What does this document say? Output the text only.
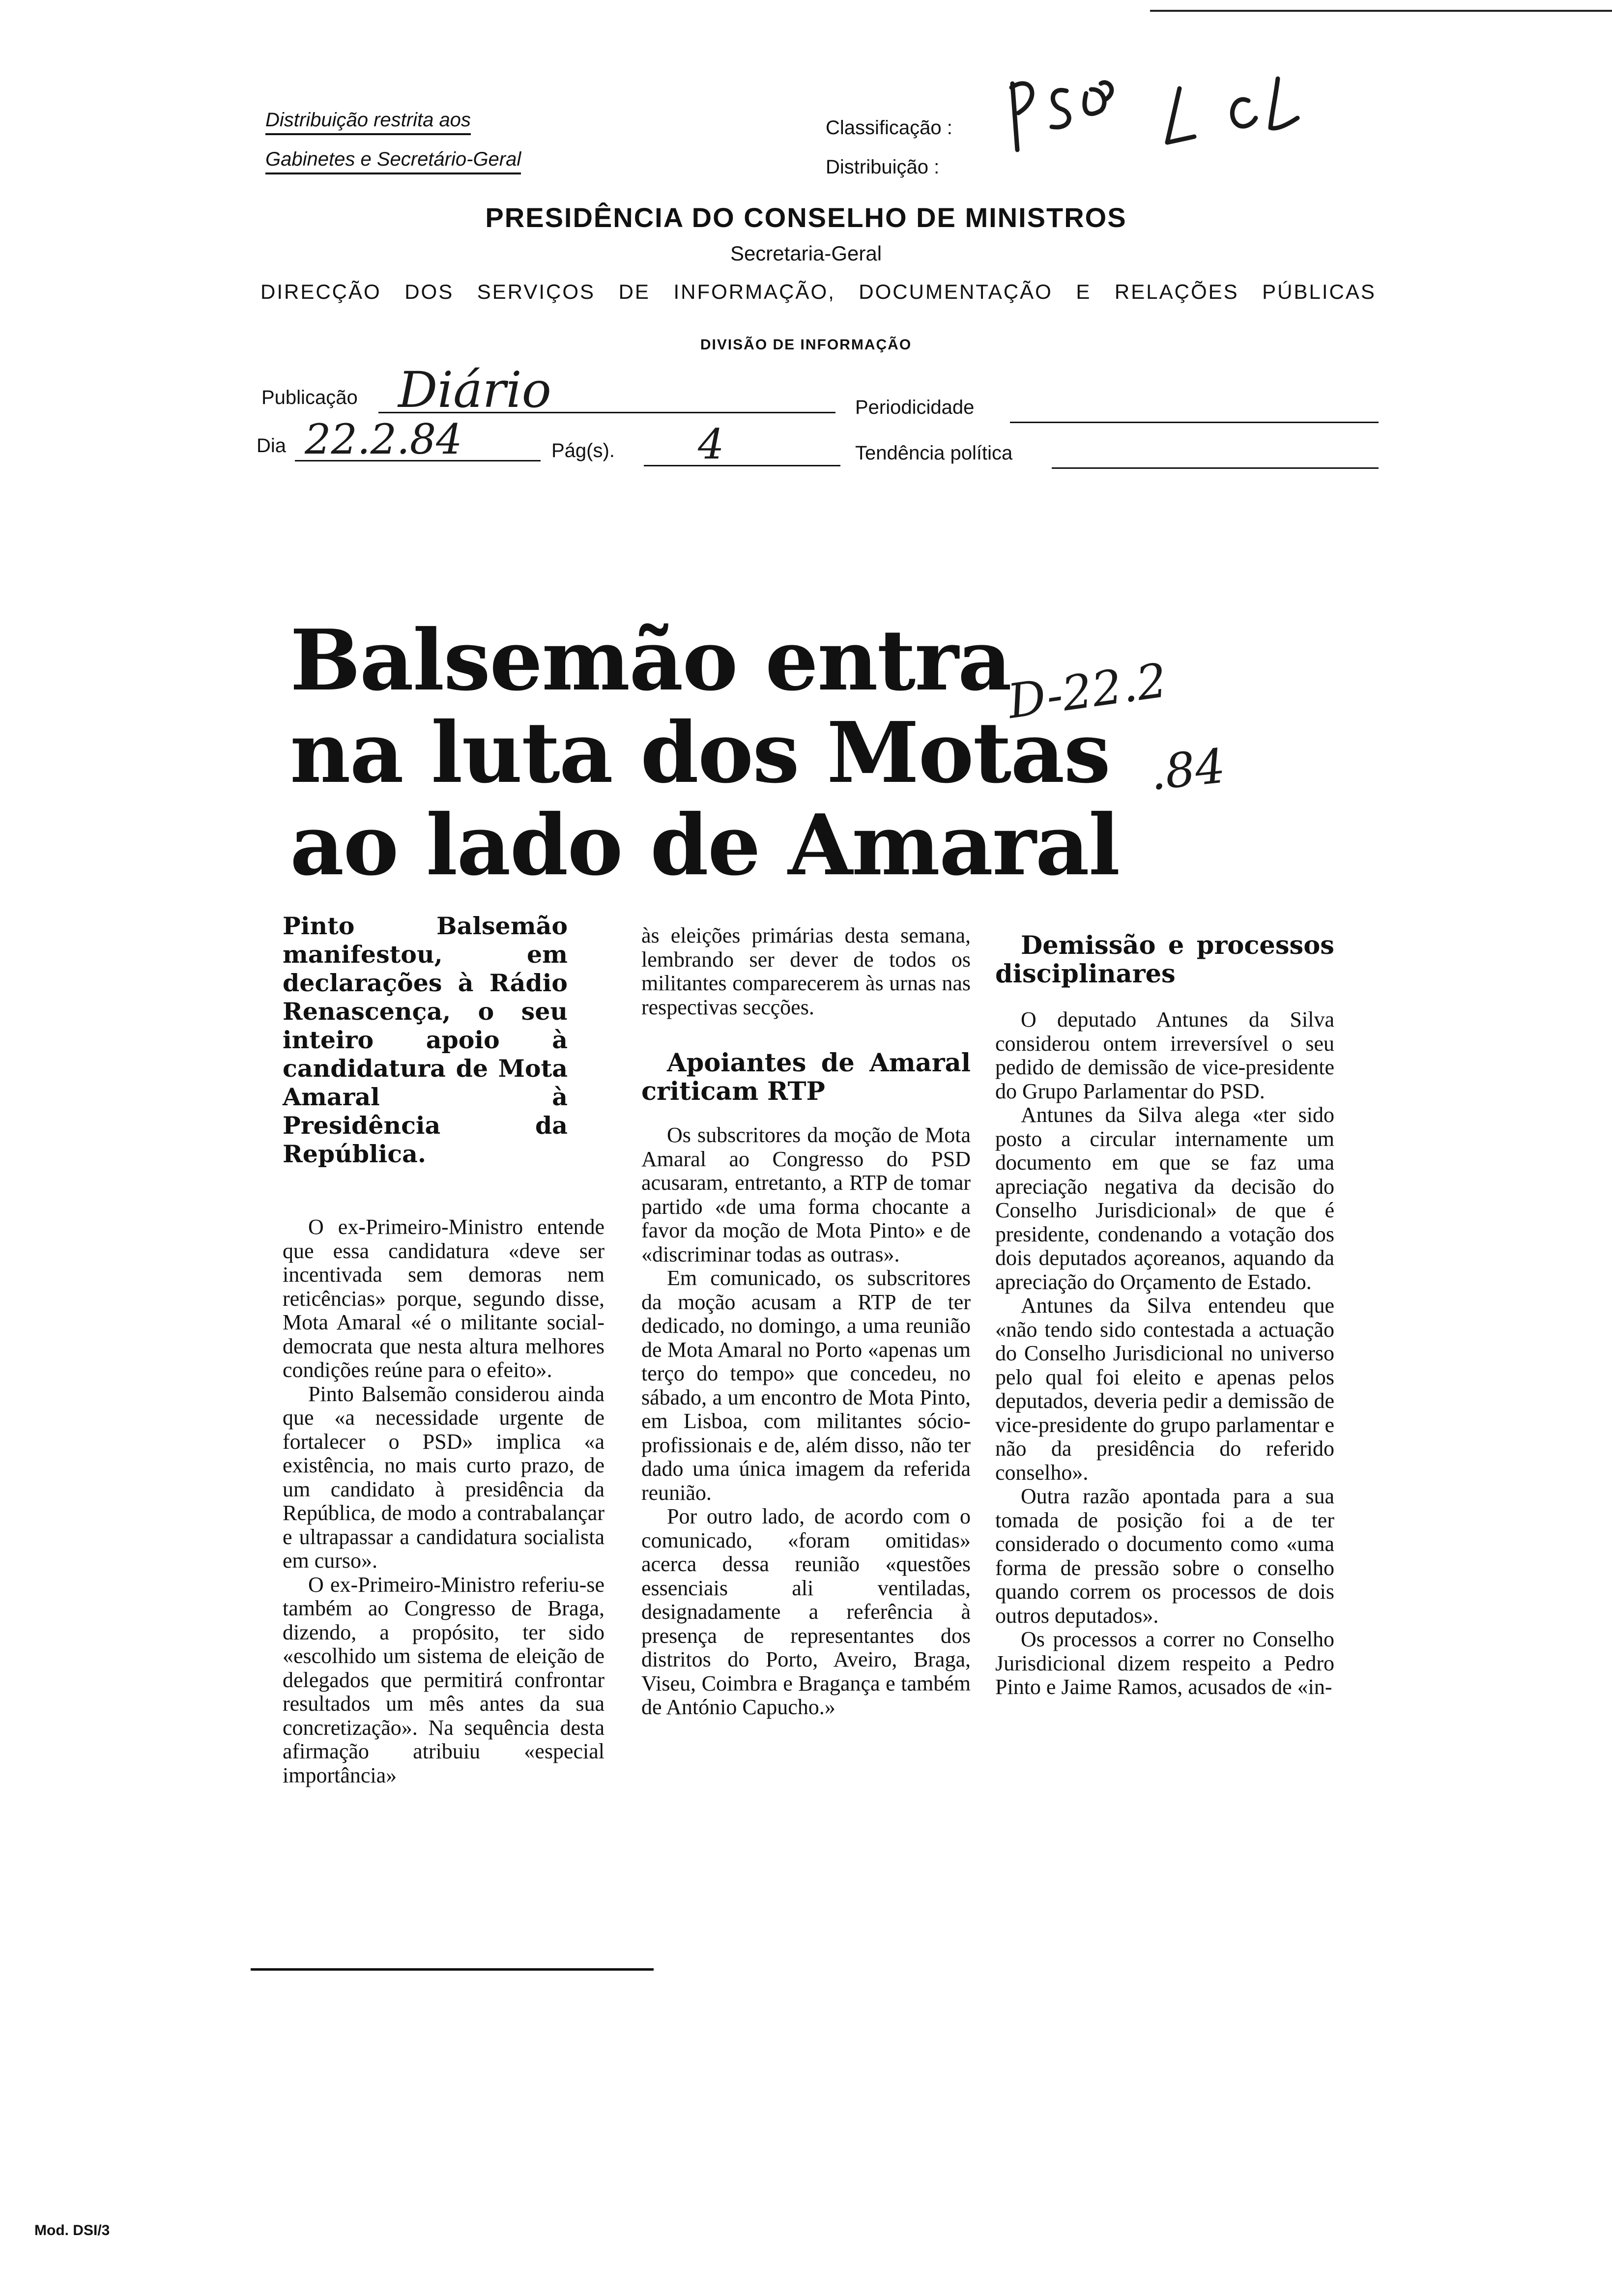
Distribuição restrita aos
Gabinetes e Secretário-Geral
Classificação :
Distribuição :
PRESIDÊNCIA DO CONSELHO DE MINISTROS
Secretaria-Geral
DIRECÇÃO DOS SERVIÇOS DE INFORMAÇÃO, DOCUMENTAÇÃO E RELAÇÕES PÚBLICAS
DIVISÃO DE INFORMAÇÃO
Publicação Diário	Periodicidade
Dia 22.2.84	Pág(s). 4	Tendência política
Balsemão entra
na luta dos Motas
ao lado de Amaral
D-22.2
.84

Pinto Balsemão manifestou, em declarações à Rádio Renascença, o seu inteiro apoio à candidatura de Mota Amaral à Presidência da República.

O ex-Primeiro-Ministro entende que essa candidatura «deve ser incentivada sem demoras nem reticências» porque, segundo disse, Mota Amaral «é o militante social-democrata que nesta altura melhores condições reúne para o efeito».

Pinto Balsemão considerou ainda que «a necessidade urgente de fortalecer o PSD» implica «a existência, no mais curto prazo, de um candidato à presidência da República, de modo a contrabalançar e ultrapassar a candidatura socialista em curso».

O ex-Primeiro-Ministro referiu-se também ao Congresso de Braga, dizendo, a propósito, ter sido «escolhido um sistema de eleição de delegados que permitirá confrontar resultados um mês antes da sua concretização». Na sequência desta afirmação atribuiu «especial importância»

às eleições primárias desta semana, lembrando ser dever de todos os militantes comparecerem às urnas nas respectivas secções.

Apoiantes de Amaral criticam RTP

Os subscritores da moção de Mota Amaral ao Congresso do PSD acusaram, entretanto, a RTP de tomar partido «de uma forma chocante a favor da moção de Mota Pinto» e de «discriminar todas as outras».

Em comunicado, os subscritores da moção acusam a RTP de ter dedicado, no domingo, a uma reunião de Mota Amaral no Porto «apenas um terço do tempo» que concedeu, no sábado, a um encontro de Mota Pinto, em Lisboa, com militantes sócio-profissionais e de, além disso, não ter dado uma única imagem da referida reunião.

Por outro lado, de acordo com o comunicado, «foram omitidas» acerca dessa reunião «questões essenciais ali ventiladas, designadamente a referência à presença de representantes dos distritos do Porto, Aveiro, Braga, Viseu, Coimbra e Bragança e também de António Capucho.»

Demissão e processos disciplinares

O deputado Antunes da Silva considerou ontem irreversível o seu pedido de demissão de vice-presidente do Grupo Parlamentar do PSD.

Antunes da Silva alega «ter sido posto a circular internamente um documento em que se faz uma apreciação negativa da decisão do Conselho Jurisdicional» de que é presidente, condenando a votação dos dois deputados açoreanos, aquando da apreciação do Orçamento de Estado.

Antunes da Silva entendeu que «não tendo sido contestada a actuação do Conselho Jurisdicional no universo pelo qual foi eleito e apenas pelos deputados, deveria pedir a demissão de vice-presidente do grupo parlamentar e não da presidência do referido conselho».

Outra razão apontada para a sua tomada de posição foi a de ter considerado o documento como «uma forma de pressão sobre o conselho quando correm os processos de dois outros deputados».

Os processos a correr no Conselho Jurisdicional dizem respeito a Pedro Pinto e Jaime Ramos, acusados de «in-

Mod. DSI/3
